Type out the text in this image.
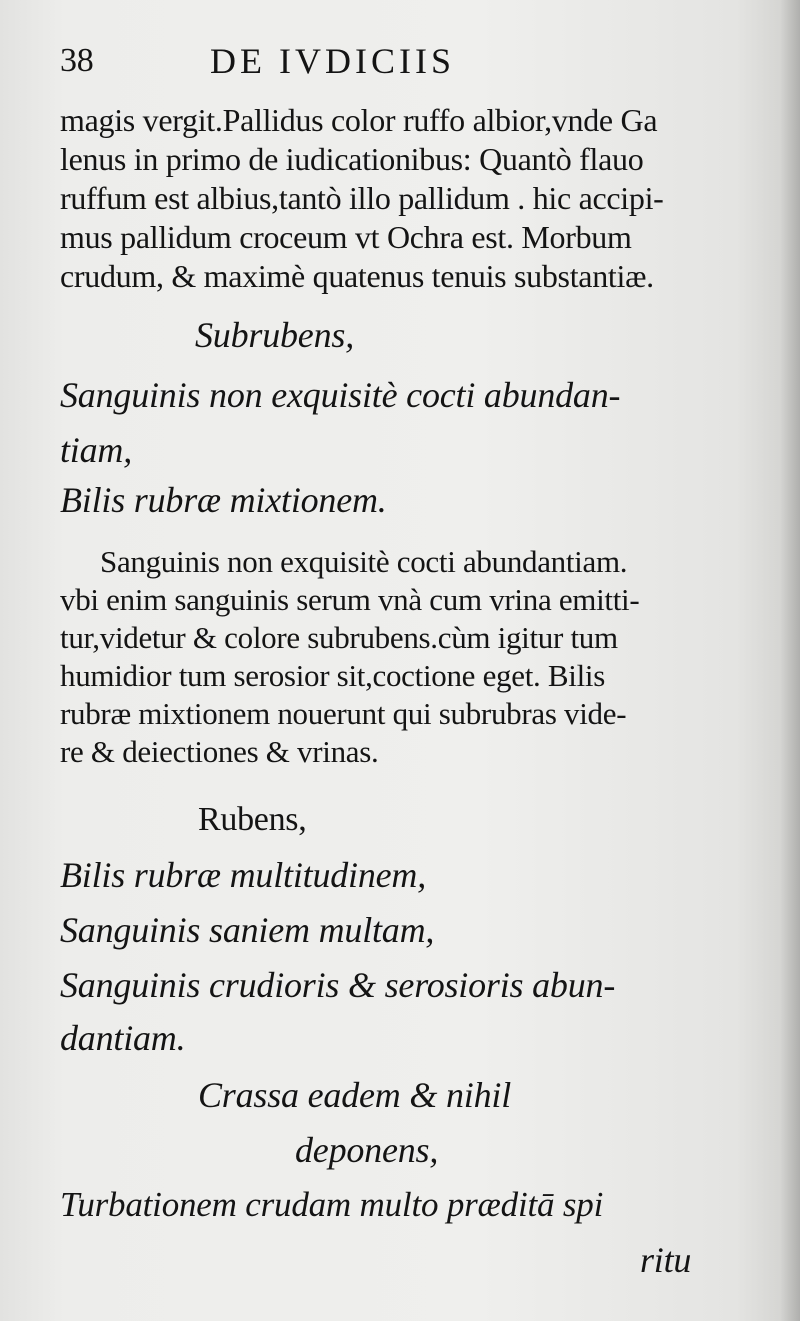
38	DE IVDICIIS
magis vergit.Pallidus color ruffo albior,vnde Ga
lenus in primo de iudicationibus: Quantò flauo
ruffum est albius,tantò illo pallidum . hic accipi-
mus pallidum croceum vt Ochra est. Morbum
crudum, & maximè quatenus tenuis substantiæ.
Subrubens,
Sanguinis non exquisitè cocti abundan-
tiam,
Bilis rubræ mixtionem.
Sanguinis non exquisitè cocti abundantiam.
vbi enim sanguinis serum vnà cum vrina emitti-
tur,videtur & colore subrubens.cùm igitur tum
humidior tum serosior sit,coctione eget. Bilis
rubræ mixtionem nouerunt qui subrubras vide-
re & deiectiones & vrinas.
Rubens,
Bilis rubræ multitudinem,
Sanguinis saniem multam,
Sanguinis crudioris & serosioris abun-
dantiam.
Crassa eadem & nihil
deponens,
Turbationem crudam multo præditā spi
ritu
